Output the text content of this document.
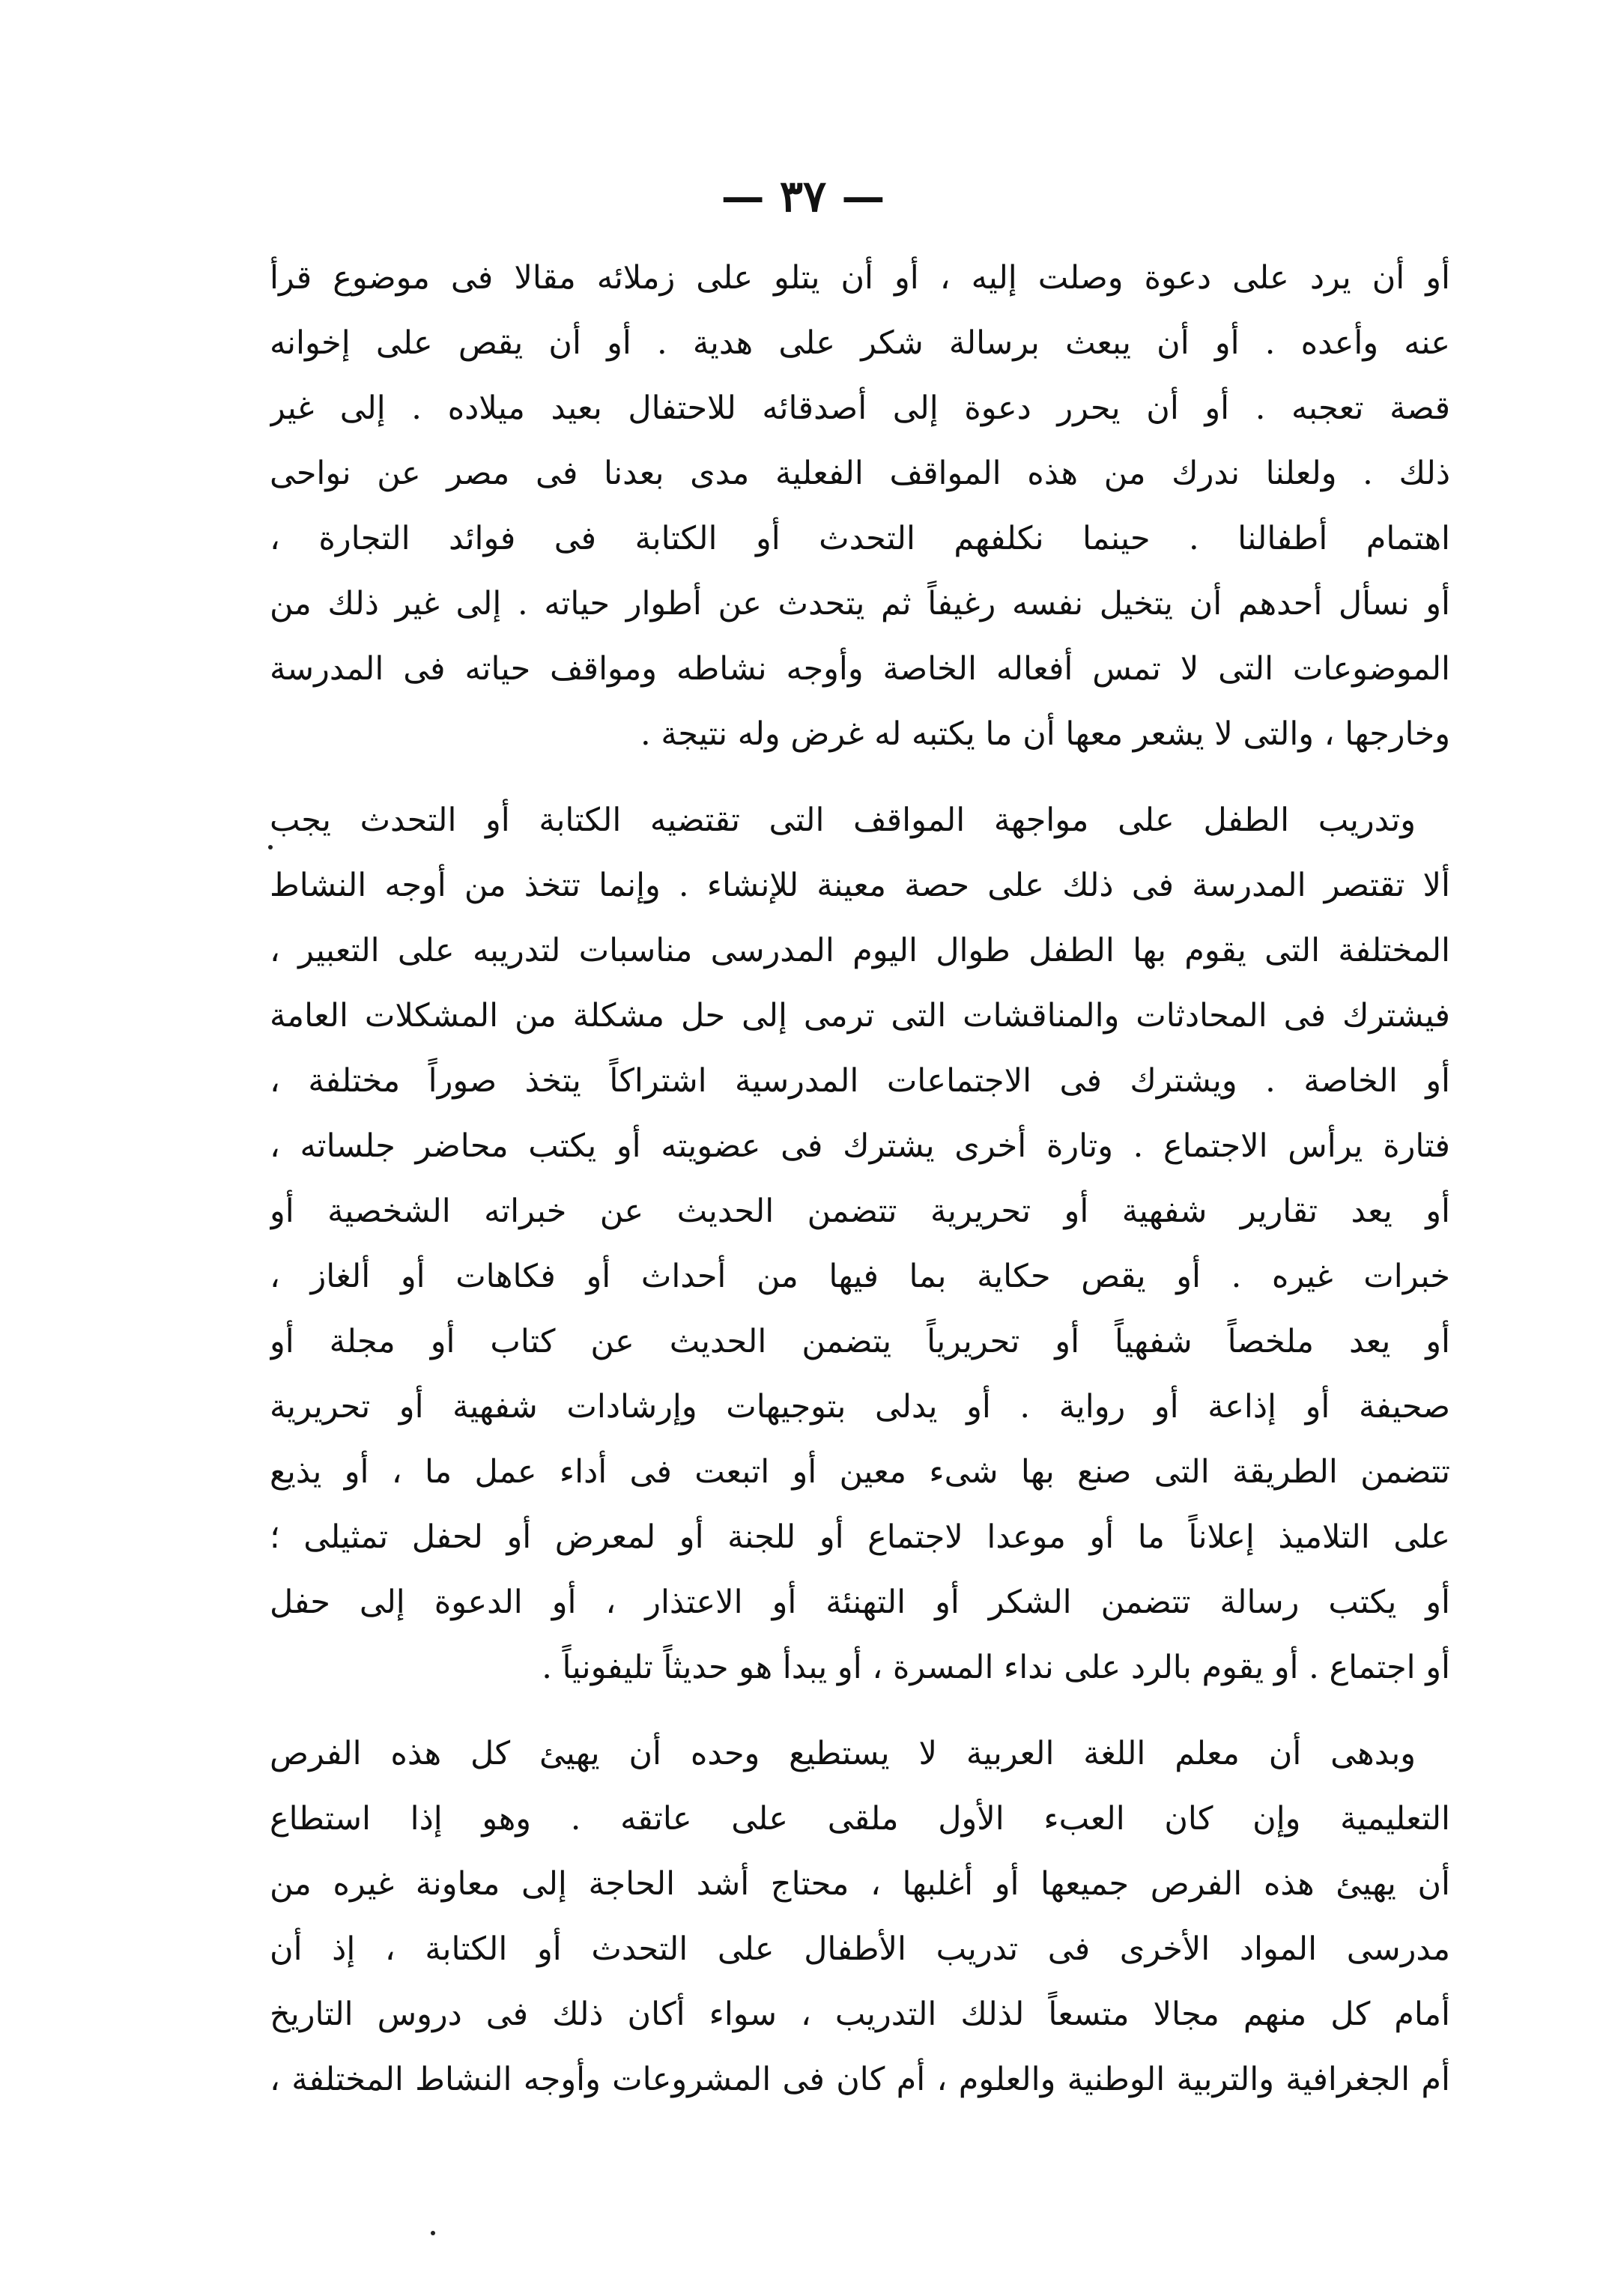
— ٣٧ —
أو أن يرد على دعوة وصلت إليه ، أو أن يتلو على زملائه مقالا فى موضوع قرأ
عنه وأعده . أو أن يبعث برسالة شكر على هدية . أو أن يقص على إخوانه
قصة تعجبه . أو أن يحرر دعوة إلى أصدقائه للاحتفال بعيد ميلاده . إلى غير
ذلك . ولعلنا ندرك من هذه المواقف الفعلية مدى بعدنا فى مصر عن نواحى
اهتمام أطفالنا . حينما نكلفهم التحدث أو الكتابة فى فوائد التجارة ،
أو نسأل أحدهم أن يتخيل نفسه رغيفاً ثم يتحدث عن أطوار حياته . إلى غير ذلك من
الموضوعات التى لا تمس أفعاله الخاصة وأوجه نشاطه ومواقف حياته فى المدرسة
وخارجها ، والتى لا يشعر معها أن ما يكتبه له غرض وله نتيجة .
وتدريب الطفل على مواجهة المواقف التى تقتضيه الكتابة أو التحدث يجب
ألا تقتصر المدرسة فى ذلك على حصة معينة للإنشاء . وإنما تتخذ من أوجه النشاط
المختلفة التى يقوم بها الطفل طوال اليوم المدرسى مناسبات لتدريبه على التعبير ،
فيشترك فى المحادثات والمناقشات التى ترمى إلى حل مشكلة من المشكلات العامة
أو الخاصة . ويشترك فى الاجتماعات المدرسية اشتراكاً يتخذ صوراً مختلفة ،
فتارة يرأس الاجتماع . وتارة أخرى يشترك فى عضويته أو يكتب محاضر جلساته ،
أو يعد تقارير شفهية أو تحريرية تتضمن الحديث عن خبراته الشخصية أو
خبرات غيره . أو يقص حكاية بما فيها من أحداث أو فكاهات أو ألغاز ،
أو يعد ملخصاً شفهياً أو تحريرياً يتضمن الحديث عن كتاب أو مجلة أو
صحيفة أو إذاعة أو رواية . أو يدلى بتوجيهات وإرشادات شفهية أو تحريرية
تتضمن الطريقة التى صنع بها شىء معين أو اتبعت فى أداء عمل ما ، أو يذيع
على التلاميذ إعلاناً ما أو موعدا لاجتماع أو للجنة أو لمعرض أو لحفل تمثيلى ؛
أو يكتب رسالة تتضمن الشكر أو التهنئة أو الاعتذار ، أو الدعوة إلى حفل
أو اجتماع . أو يقوم بالرد على نداء المسرة ، أو يبدأ هو حديثاً تليفونياً .
وبدهى أن معلم اللغة العربية لا يستطيع وحده أن يهيئ كل هذه الفرص
التعليمية وإن كان العبء الأول ملقى على عاتقه . وهو إذا استطاع
أن يهيئ هذه الفرص جميعها أو أغلبها ، محتاج أشد الحاجة إلى معاونة غيره من
مدرسى المواد الأخرى فى تدريب الأطفال على التحدث أو الكتابة ، إذ أن
أمام كل منهم مجالا متسعاً لذلك التدريب ، سواء أكان ذلك فى دروس التاريخ
أم الجغرافية والتربية الوطنية والعلوم ، أم كان فى المشروعات وأوجه النشاط المختلفة ،
